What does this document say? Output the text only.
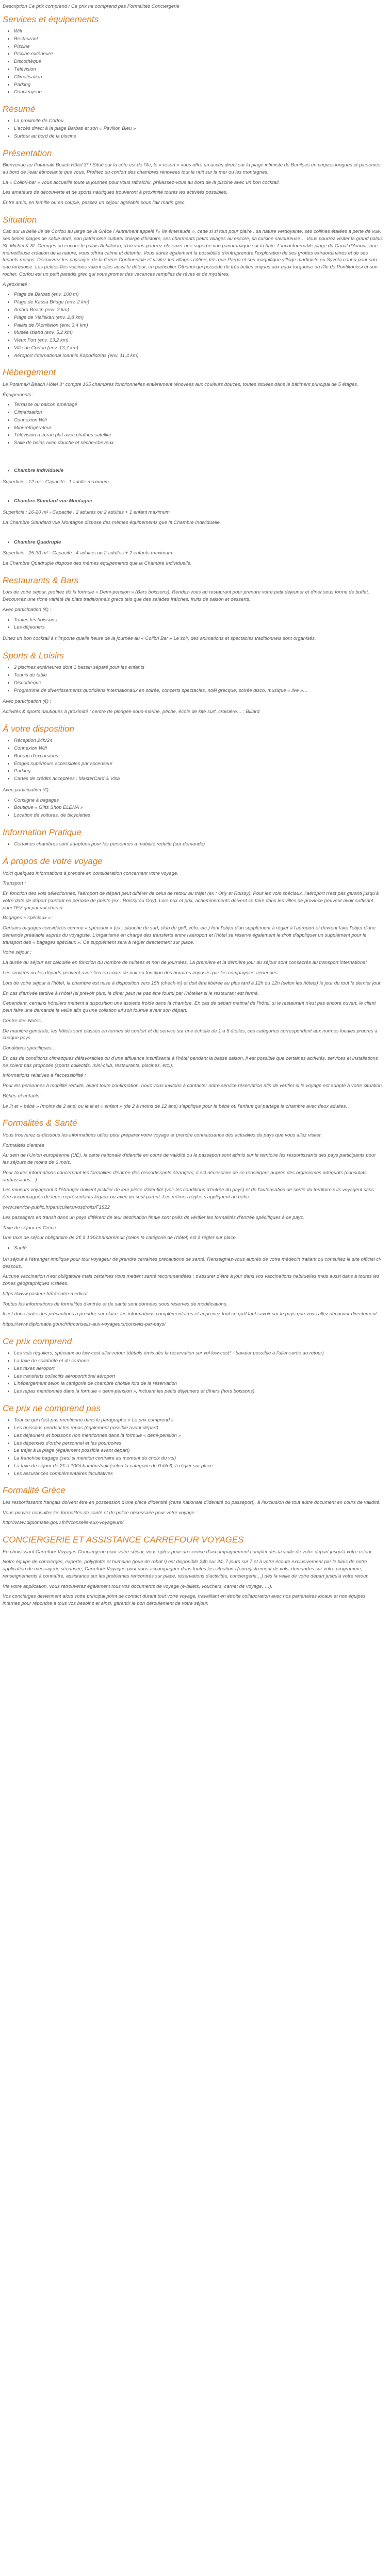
Description Ce prix comprend / Ce prix ne comprend pas Formalités Conciergerie

Services et équipements
• Wifi
• Restaurant
• Piscine
• Piscine extérieure
• Discothèque
• Télévision
• Climatisation
• Parking
• Conciergerie
Résumé
• La proximité de Corfou
• L'accès direct à la plage Barbati et son « Pavillon Bleu »
• Surtout au bord de la piscine
Présentation

Bienvenue au Potamaki Beach Hôtel 3* ! Situé sur la côte est de l'île, le « resort » vous offre un accès direct sur la plage intimiste de Benitses en criques longues et parsemés au bord de l'eau étincelante que vous. Profitez du confort des chambres rénovées tout le nuit sur la mer ou les montagnes.

Là « Colibri-bar » vous accueille toute la journée pour vous rafraichir, prélassez-vous au bord de la piscine avec un bon cocktail.

Les amateurs de découverte et de sports nautiques trouveront à proximité toutes les activités possibles.

Entre amis, en famille ou en couple, passez un séjour agréable sous l'air marin grec.

Situation

Cap sur la belle île de Corfou au large de la Grèce ! Autrement appelé l'« île émeraude », cette si si tout pour plaire : sa nature verdoyante, ses collines étalées à perte de vue, ses belles plages de sable doré, son patrimoine culturel chargé d'histoire, ses charmants petits villages au encore, sa cuisine savoureuse… Vous pourrez visiter la grand palais St. Michel & St. Georges ou encore le palais Achilleion, d'où vous pourrez observer une superbe vue panoramique sur la baie. L'incontournable plage du Canal d'Amour, une merveilleuse création de la nature, vous offrira calme et détente. Vous aurez également la possibilité d'entreprendre l'exploration de ses grottes extraordinaires et de ses tunnels marins. Découvrez les paysages de la Grèce Continentale et visitez les villages côtiers tels que Parga et son magnifique village martiniste ou Syvota connu pour son eau turquoise. Les petites îles voisines valent elles aussi le détour, en particulier Othonoi qui possède de très belles criques aux eaux turquoise ou l'île de Pontikonissi et son rocher. Corfou est un petit paradis grec qui vous promet des vacances remplies de rêves et de mystères.

À proximité :

• Plage de Barbati (env. 100 m)
• Plage de Kassa Bridge (env. 2 km)
• Ambra Beach (env. 3 km)
• Plage de Yialiskari (env. 2,8 km)
• Palais de l'Achilleion (env. 3,4 km)
• Musée Island (env. 5,2 km)
• Vieux Fort (env. 13,2 km)
• Ville de Corfou (env. 13,7 km)
• Aéroport International Ioannis Kapodistrias (env. 11,4 km)
Hébergement

Le Potamaki Beach Hôtel 3* compte 165 chambres fonctionnelles entièrement rénovées aux couleurs douces, toutes situées dans le bâtiment principal de 5 étages.

Équipements :

• Terrasse ou balcon aménagé
• Climatisation
• Connexion Wifi
• Mini-réfrigérateur
• Télévision à écran plat avec chaînes satellite
• Salle de bains avec douche et sèche-cheveux
• Chambre Individuelle

Superficie : 12 m² - Capacité : 1 adulte maximum

• Chambre Standard vue Montagne

Superficie : 16-20 m² - Capacité : 2 adultes ou 2 adultes + 1 enfant maximum

La Chambre Standard vue Montagne dispose des mêmes équipements que la Chambre Individuelle.

• Chambre Quadruple

Superficie : 25-30 m² - Capacité : 4 adultes ou 2 adultes + 2 enfants maximum

La Chambre Quadruple dispose des mêmes équipements que la Chambre Individuelle.

Restaurants & Bars

Lors de votre séjour, profitez de la formule « Demi-pension » (Bars boissons). Rendez-vous au restaurant pour prendre votre petit déjeuner et dîner sous forme de buffet. Découvrez une riche variété de plats traditionnels grecs tels que des salades fraîches, fruits de saison et desserts.

Avec participation (€) :

• Toutes les boissons
• Les déjeuners

Dînez un bon cocktail à n'importe quelle heure de la journée au « Colibri Bar » Le soir, des animations et spectacles traditionnels sont organisés.

Sports & Loisirs
• 2 piscines extérieures dont 1 bassin séparé pour les enfants
• Tennis de table
• Discothèque
• Programme de divertissements quotidiens internationaux en soirée, concerts spectacles, noël grecque, soirée disco, musique « live »…

Avec participation (€) :

Activités & sports nautiques à proximité : centre de plongée sous-marine, pêche, école de kite surf, croisière… ; Billard

À votre disposition
• Réception 24h/24
• Connexion Wifi
• Bureau d'excursions
• Étages supérieurs accessibles par ascenseur
• Parking
• Cartes de crédits acceptées : MasterCard & Visa

Avec participation (€) :

• Consigne à bagages
• Boutique « Gifts Shop ELENA »
• Location de voitures, de bicyclettes
Information Pratique
• Certaines chambres sont adaptées pour les personnes à mobilité réduite (sur demande)
À propos de votre voyage

Voici quelques informations à prendre en considération concernant votre voyage.

Transport :

En fonction des vols sélectionnés, l'aéroport de départ peut différer de celui de retour au trajet (ex : Orly et Roissy). Pour les vols spéciaux, l'aéroport n'est pas garanti jusqu'à votre date de départ (surtout en période de pointe (ex : Roissy ou Orly). Lors prix et prix, acheminements doivent se faire dans les villes de province peuvent avoir suffisant pour l'EV qui par vol charter.

Bagages « spéciaux » :

Certains bagages considérés comme « spéciaux » (ex : planche de surf, club de golf, vélo, etc.) font l'objet d'un supplément à régler à l'aéroport et devront faire l'objet d'une demande préalable auprès du voyagiste. L'organisme en charge des transferts entre l'aéroport et l'hôtel se réserve également le droit d'appliquer un supplément pour le transport des « bagages spéciaux ». Ce supplément sera à régler directement sur place.

Votre séjour :

La durée du séjour est calculée en fonction du nombre de nuitées et non de journées. La première et la dernière jour du séjour sont consacrés au transport international.

Les arrivées ou les départs peuvent avoir lieu en cours de nuit en fonction des horaires imposés par les compagnies aériennes.

Lors de votre séjour à l'hôtel, la chambre est mise à disposition vers 15h (check-in) et doit être libérée au plus tard à 12h ou 12h (selon les hôtels) le jour du tout le dernier jour.

En cas d'arrivée tardive à l'hôtel (si prévoir plus, le dîner peut ne pas être fourni par l'hôtelier si le restaurant est fermé.

Cependant, certains hôteliers mettent à disposition une assiette froide dans la chambre. En cas de départ matinal de l'hôtel, si le restaurant n'est pas encore ouvert, le client peut faire une demande la veille afin qu'une collation lui soit fournie avant son départ.

Centre des Notes :

De manière générale, les hôtels sont classés en termes de confort et de service sur une échelle de 1 à 5 étoiles, ces catégories correspondent aux normes locales propres à chaque pays.

Conditions spécifiques :

En cas de conditions climatiques défavorables ou d'une affluence insuffisante à l'hôtel pendant la basse saison, il est possible que certaines activités, services et installations ne soient pas proposés (sports collectifs, mini-club, restaurants, piscines, etc.).

Informations relatives à l'accessibilité :

Pour les personnes à mobilité réduite, avant toute confirmation, nous vous invitons à contacter notre service réservation afin de vérifier si le voyage est adapté à votre situation.

Bébés et enfants :

Le lit et « bébé » (moins de 2 ans) ou le lit et « enfant » (de 2 à moins de 12 ans) s'applique pour le bébé ou l'enfant qui partage la chambre avec deux adultes.

Formalités & Santé

Vous trouverez ci-dessous les informations utiles pour préparer votre voyage et prendre connaissance des actualités du pays que vous allez visiter.

Formalités d'entrée

Au sein de l'Union européenne (UE), la carte nationale d'identité en cours de validité ou le passeport sont admis sur le territoire les ressortissants des pays participants pour les séjours de moins de 6 mois.

Pour toutes informations concernant les formalités d'entrée des ressortissants étrangers, il est nécessaire de se renseigner auprès des organismes adéquats (consulats, ambassades…).

Les mineurs voyageant à l'étranger doivent justifier de leur pièce d'identité (voir les conditions d'entrée du pays) et de l'autorisation de sortie du territoire s'ils voyagent sans être accompagnés de leurs représentants légaux ou avec un seul parent. Les mêmes règles s'appliquent au bébé.

www.service-public.fr/particuliers/vosdroits/F1922

Les passagers en transit dans un pays différent de leur destination finale sont priés de vérifier les formalités d'entrée spécifiques à ce pays.

Taxe de séjour en Grèce

Une taxe de séjour obligatoire de 2€ à 10€/chambre/nuit (selon la catégorie de l'hôtel) est à régler sur place.

• Santé

Un séjour à l'étranger implique pour tout voyageur de prendre certaines précautions de santé. Renseignez-vous auprès de votre médecin traitant ou consultez le site officiel ci-dessous.

Aucune vaccination n'est obligatoire mais certaines vous mettent santé recommandées : s'assurer d'être à jour dans vos vaccinations habituelles mais aussi dans à toutes les zones géographiques visitées.

https://www.pasteur.fr/fr/centre-medical

Toutes les informations de formalités d'entrée et de santé sont données sous réserves de modifications.

Il est donc toutes les précautions à prendre sur place, les informations complémentaires et apprenez tout ce qu'il faut savoir sur le pays que vous allez découvrir directement :

https://www.diplomatie.gouv.fr/fr/conseils-aux-voyageurs/conseils-par-pays/

Ce prix comprend
• Les vols réguliers, spéciaux ou low-cost aller-retour (détails émis dès la réservation sur vol low-cost* - bavaier possible à l'aller-sortie au retour)
• La taxe de solidarité et de carbone
• Les taxes aéroport
• Les transferts collectifs aéroport/hôtel aéroport
• L'hébergement selon la catégorie de chambre choisie lors de la réservation
• Les repas mentionnés dans la formule « demi-pension », incluant les petits déjeuners et dîners (hors boissons)
Ce prix ne comprend pas
• Tout ce qui n'est pas mentionné dans le paragraphe « Le prix comprend »
• Les boissons pendant les repas (également possible avant départ)
• Les déjeuners et boissons non mentionnés dans la formule « demi-pension »
• Les dépenses d'ordre personnel et les pourboires
• Le trajet à la plage (également possible avant départ)
• La franchise bagage (seul si mention contraire au moment du choix du vol)
• La taxe de séjour de 2€ à 10€/chambre/nuit (selon la catégorie de l'hôtel), à régler sur place
• Les assurances complémentaires facultatives
Formalité Grèce

Les ressortissants français doivent être en possession d'une pièce d'identité (carte nationale d'identité ou passeport), à l'exclusion de tout autre document en cours de validité.

Vous pouvez consulter les formalités de santé et de police nécessaire pour votre voyage :

http://www.diplomatie.gouv.fr/fr/conseils-aux-voyageurs/

CONCIERGERIE ET ASSISTANCE CARREFOUR VOYAGES

En choisissant Carrefour Voyages Conciergerie pour votre séjour, vous optez pour un service d'accompagnement complet dès la veille de votre départ jusqu'à votre retour.

Notre équipe de concierges, experte, polyglotte et humaine (joue de robot !) est disponible 24h sur 24, 7 jours sur 7 et à votre écoute exclusivement par le biais de notre application de messagerie sécurisée, Carrefour Voyages pour vous accompagner dans toutes les situations (enregistrement de vols, demandes sur votre programme, renseignements à connaître, assistance sur les problèmes rencontrés sur place, réservations d'activités, conciergerie…) dès la veille de votre départ jusqu'à votre retour.

Via votre application, vous retrouverez également tous vos documents de voyage (e-billets, vouchers, carnet de voyage, …).

Vos concierges deviennent alors votre principal point de contact durant tout votre voyage, travaillant en étroite collaboration avec nos partenaires locaux et nos équipes internes pour répondre à tous vos besoins et ainsi, garantir le bon déroulement de votre séjour.
